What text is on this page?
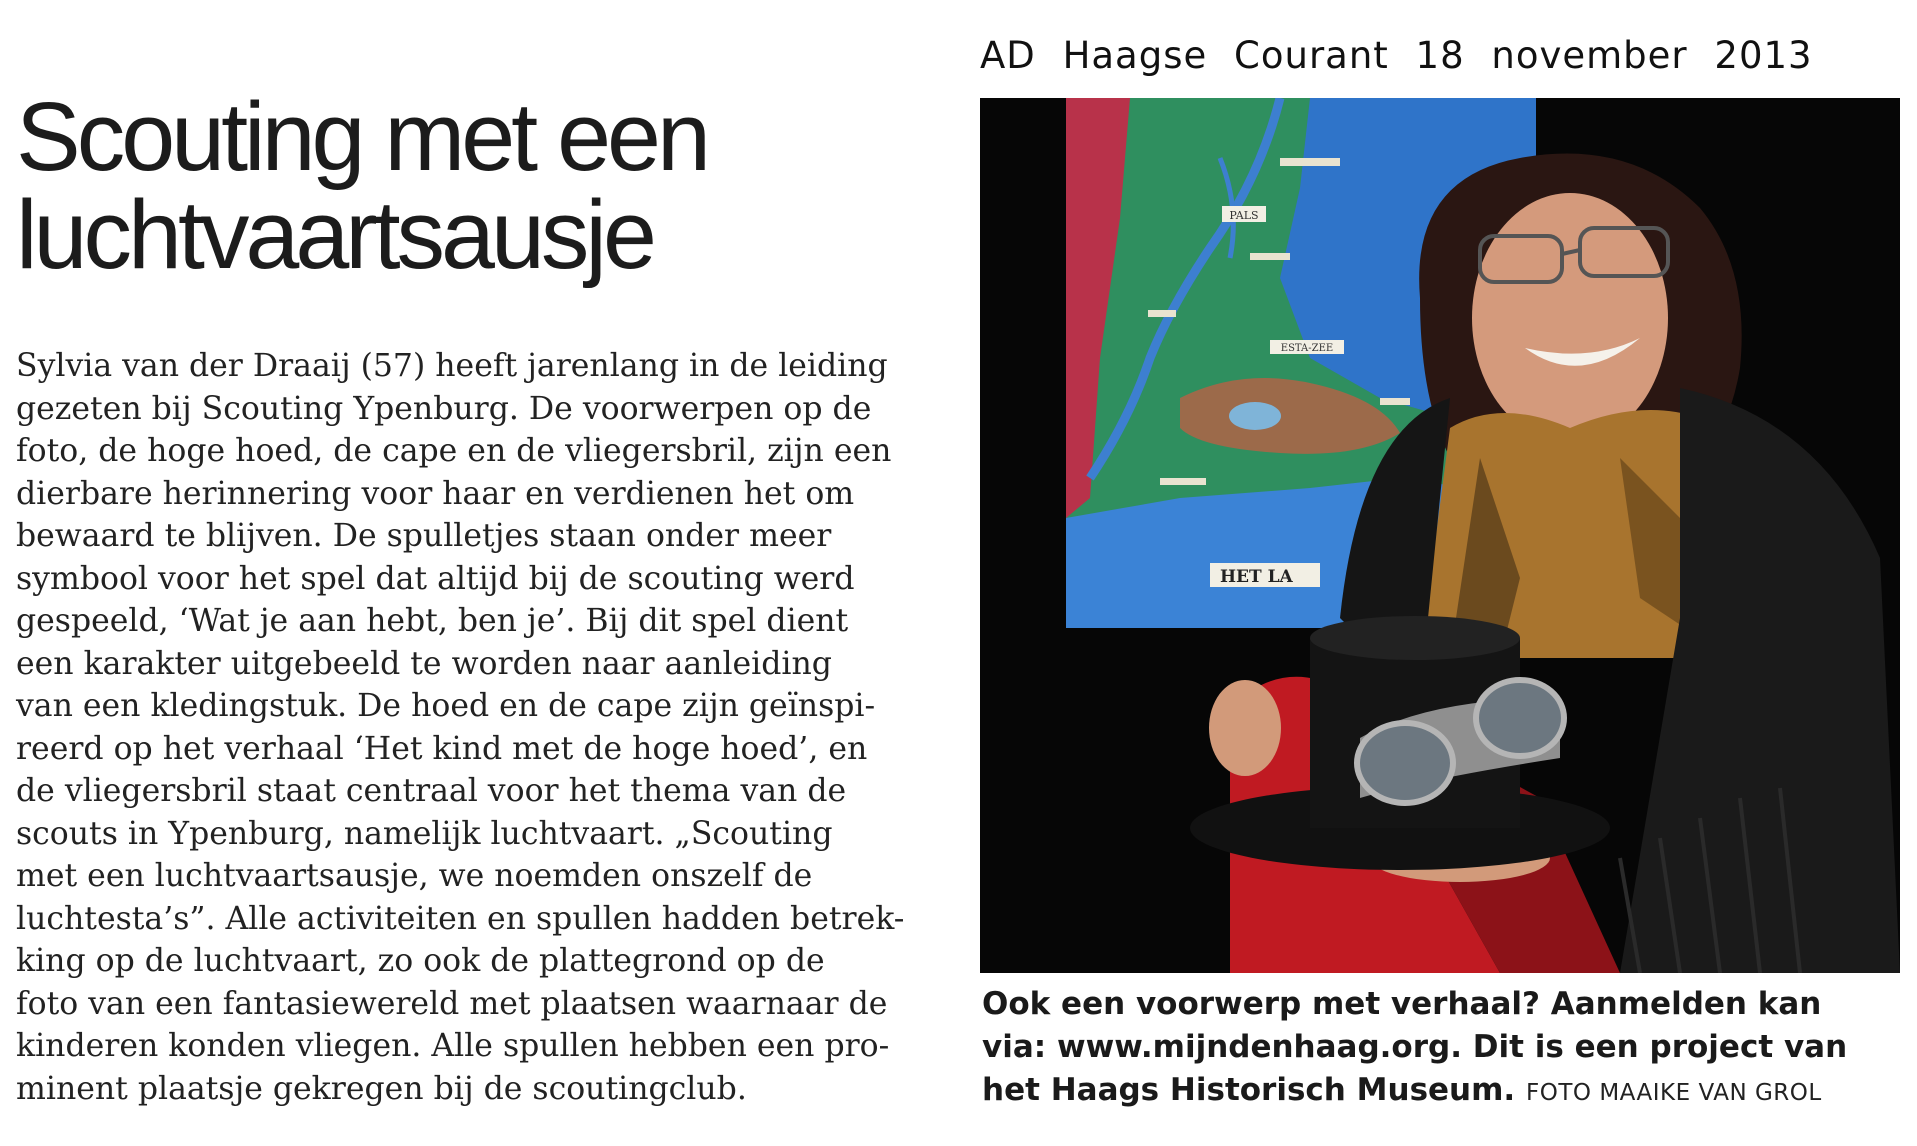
AD Haagse Courant 18 november 2013
Scouting met een
luchtvaartsausje
Sylvia van der Draaij (57) heeft jarenlang in de leiding
gezeten bij Scouting Ypenburg. De voorwerpen op de
foto, de hoge hoed, de cape en de vliegersbril, zijn een
dierbare herinnering voor haar en verdienen het om
bewaard te blijven. De spulletjes staan onder meer
symbool voor het spel dat altijd bij de scouting werd
gespeeld, ‘Wat je aan hebt, ben je’. Bij dit spel dient
een karakter uitgebeeld te worden naar aanleiding
van een kledingstuk. De hoed en de cape zijn geïnspi-
reerd op het verhaal ‘Het kind met de hoge hoed’, en
de vliegersbril staat centraal voor het thema van de
scouts in Ypenburg, namelijk luchtvaart. „Scouting
met een luchtvaartsausje, we noemden onszelf de
luchtesta’s”. Alle activiteiten en spullen hadden betrek-
king op de luchtvaart, zo ook de plattegrond op de
foto van een fantasiewereld met plaatsen waarnaar de
kinderen konden vliegen. Alle spullen hebben een pro-
minent plaatsje gekregen bij de scoutingclub.
PALS
ESTA-ZEE
HET LA
Ook een voorwerp met verhaal? Aanmelden kan
via: www.mijndenhaag.org. Dit is een project van
het Haags Historisch Museum. FOTO MAAIKE VAN GROL
